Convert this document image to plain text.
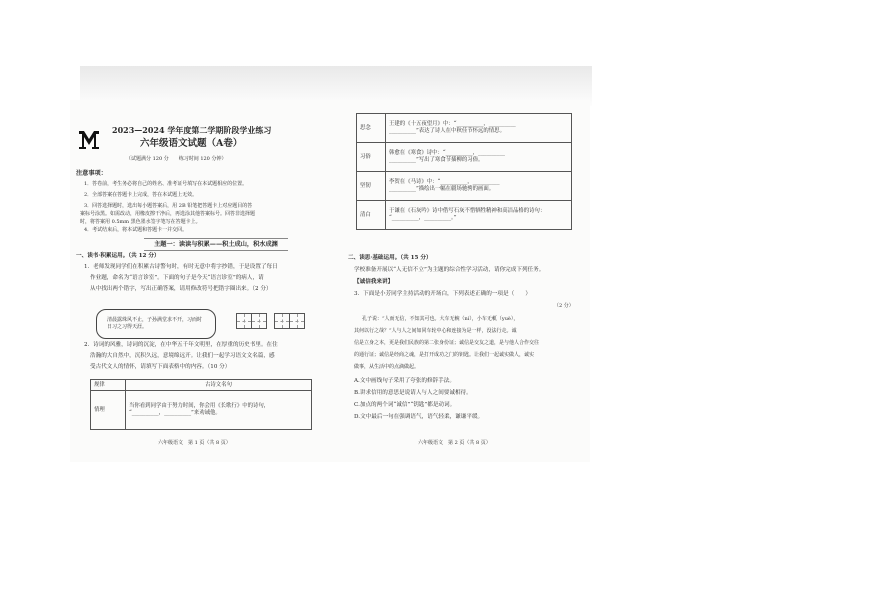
2023—2024 学年度第二学期阶段学业练习
六年级语文试题（A卷）
（试题满分 120 分　　练习时间 120 分钟）
注意事项：
1．答卷前，考生务必将自己的姓名、准考证号填写在本试题相应的位置。
2．全部答案在答题卡上完成，答在本试题上无效。
3．回答选择题时，选出每小题答案后，用 2B 铅笔把答题卡上对应题目的答
案标号涂黑。如需改动，用橡皮擦干净后，再选涂其他答案标号。回答非选择题
时，将答案用 0.5mm 黑色墨水签字笔写在答题卡上。
4．考试结束后，将本试题和答题卡一并交回。
主题一：读读与积累——积土成山，积水成渊
一、读书·积累运用。（共 12 分）
1．老师发现同学们在积累古诗警句时，有时无意中将字抄错，于是设置了每日
作业题，命名为“语言诊室”。下面的句子是今天“语言诊室”的病人，请
从中找出两个错字，写出正确答案，请用修改符号把错字圈出来。（2 分）
清晨露珠风不止，子孙满堂求不开，习而时日习之习得天涯。
2．诗词的风雅，诗词的沉淀，在中华五千年文明里，在厚重的历史书里。在住
浩瀚的大自然中，沉积久远，意境绵远开。让我们一起学习语文文名篇，感
受古代文人的情怀，请填写下面表格中的内容。（10 分）
规律	古诗文名句
情理	当你看到同学由于努力时间，你会用《长歌行》中的诗句，
“__________，__________”来劝诫他。
六年级语文　第 1 页（共 8 页）
思念	王建的《十五夜望月》中：“__________，__________
__________”表达了诗人在中秋佳节怀远的情思。

习俗	韩愈在《寒食》诗中：“__________，__________
__________”写出了寒食节插柳的习俗。

坚韧	李贺在《马诗》中：“__________，__________
__________”描绘出一幅在疆场驰骋的画面。

清白	于谦在《石灰吟》诗中借写石灰不惜牺牲精神和高洁品格的诗句：
“__________，__________。”
二、读思·基础运用。（共 15 分）
学校准备开展以“人无信不立”为主题的综合性学习活动，请你完成下列任务。
【诚信我来讲】
3．下面是小芳同学主持活动的开场白，下列表述正确的一项是（　　）
（2 分）
孔子说：“人而无信，不知其可也。大车无輗（ní），小车无軏（yuè），
其何以行之哉？”人与人之间如同车轮中心和连接为是一样，没法行走。诚
信是立身之本，更是我们民族的第二张身份证；诚信是交友之道，是与他人合作交往
的通行证；诚信是经商之魂，是打开成功之门的钥匙。让我们一起诚实做人，诚实
做事，从生活中的点滴做起。
A.文中画线句子采用了夸张的修辞手法。
B.讲求信用的意思是说请人与人之间要诚相待。
C.加点的两个词“诚信”“钥匙”都是动词。
D.文中最后一句在强调语气，语气轻柔，谦谦平缓。
六年级语文　第 2 页（共 8 页）
